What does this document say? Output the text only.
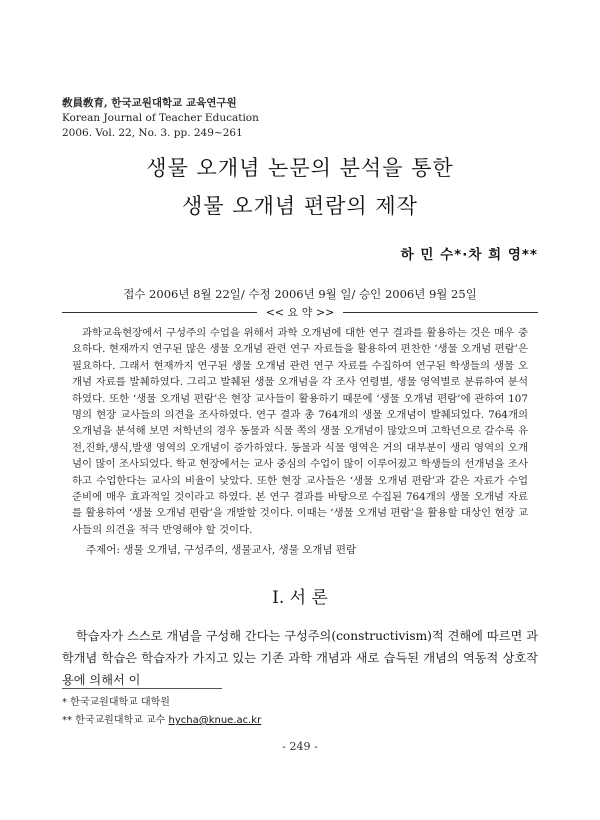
敎員敎育, 한국교원대학교 교육연구원
Korean Journal of Teacher Education
2006. Vol. 22, No. 3. pp. 249~261
생물 오개념 논문의 분석을 통한
생물 오개념 편람의 제작
하 민 수*·차 희 영**
접수 2006년 8월 22일/ 수정 2006년 9월 일/ 승인 2006년 9월 25일
<< 요 약 >>

과학교육현장에서 구성주의 수업을 위해서 과학 오개념에 대한 연구 결과를 활용하는 것은 매우 중요하다. 현재까지 연구된 많은 생물 오개념 관련 연구 자료들을 활용하여 편찬한 ‘생물 오개념 편람’은 필요하다. 그래서 현재까지 연구된 생물 오개념 관련 연구 자료를 수집하여 연구된 학생들의 생물 오개념 자료를 발췌하였다. 그리고 발췌된 생물 오개념을 각 조사 연령별, 생물 영역별로 분류하여 분석하였다. 또한 ‘생물 오개념 편람’은 현장 교사들이 활용하기 때문에 ‘생물 오개념 편람’에 관하여 107명의 현장 교사들의 의견을 조사하였다. 연구 결과 총 764개의 생물 오개념이 발췌되었다. 764개의 오개념을 분석해 보면 저학년의 경우 동물과 식물 쪽의 생물 오개념이 많았으며 고학년으로 갈수록 유전,진화,생식,발생 영역의 오개념이 증가하였다. 동물과 식물 영역은 거의 대부분이 생리 영역의 오개념이 많이 조사되었다. 학교 현장에서는 교사 중심의 수업이 많이 이루어졌고 학생들의 선개념을 조사하고 수업한다는 교사의 비율이 낮았다. 또한 현장 교사들은 ‘생물 오개념 편람’과 같은 자료가 수업 준비에 매우 효과적일 것이라고 하였다. 본 연구 결과를 바탕으로 수집된 764개의 생물 오개념 자료를 활용하여 ‘생물 오개념 편람’을 개발할 것이다. 이때는 ‘생물 오개념 편람’을 활용할 대상인 현장 교사들의 의견을 적극 반영해야 할 것이다.

주제어: 생물 오개념, 구성주의, 생물교사, 생물 오개념 편람
Ⅰ. 서 론

학습자가 스스로 개념을 구성해 간다는 구성주의(constructivism)적 견해에 따르면 과학개념 학습은 학습자가 가지고 있는 기존 과학 개념과 새로 습득된 개념의 역동적 상호작용에 의해서 이

* 한국교원대학교 대학원
** 한국교원대학교 교수 hycha@knue.ac.kr
- 249 -
